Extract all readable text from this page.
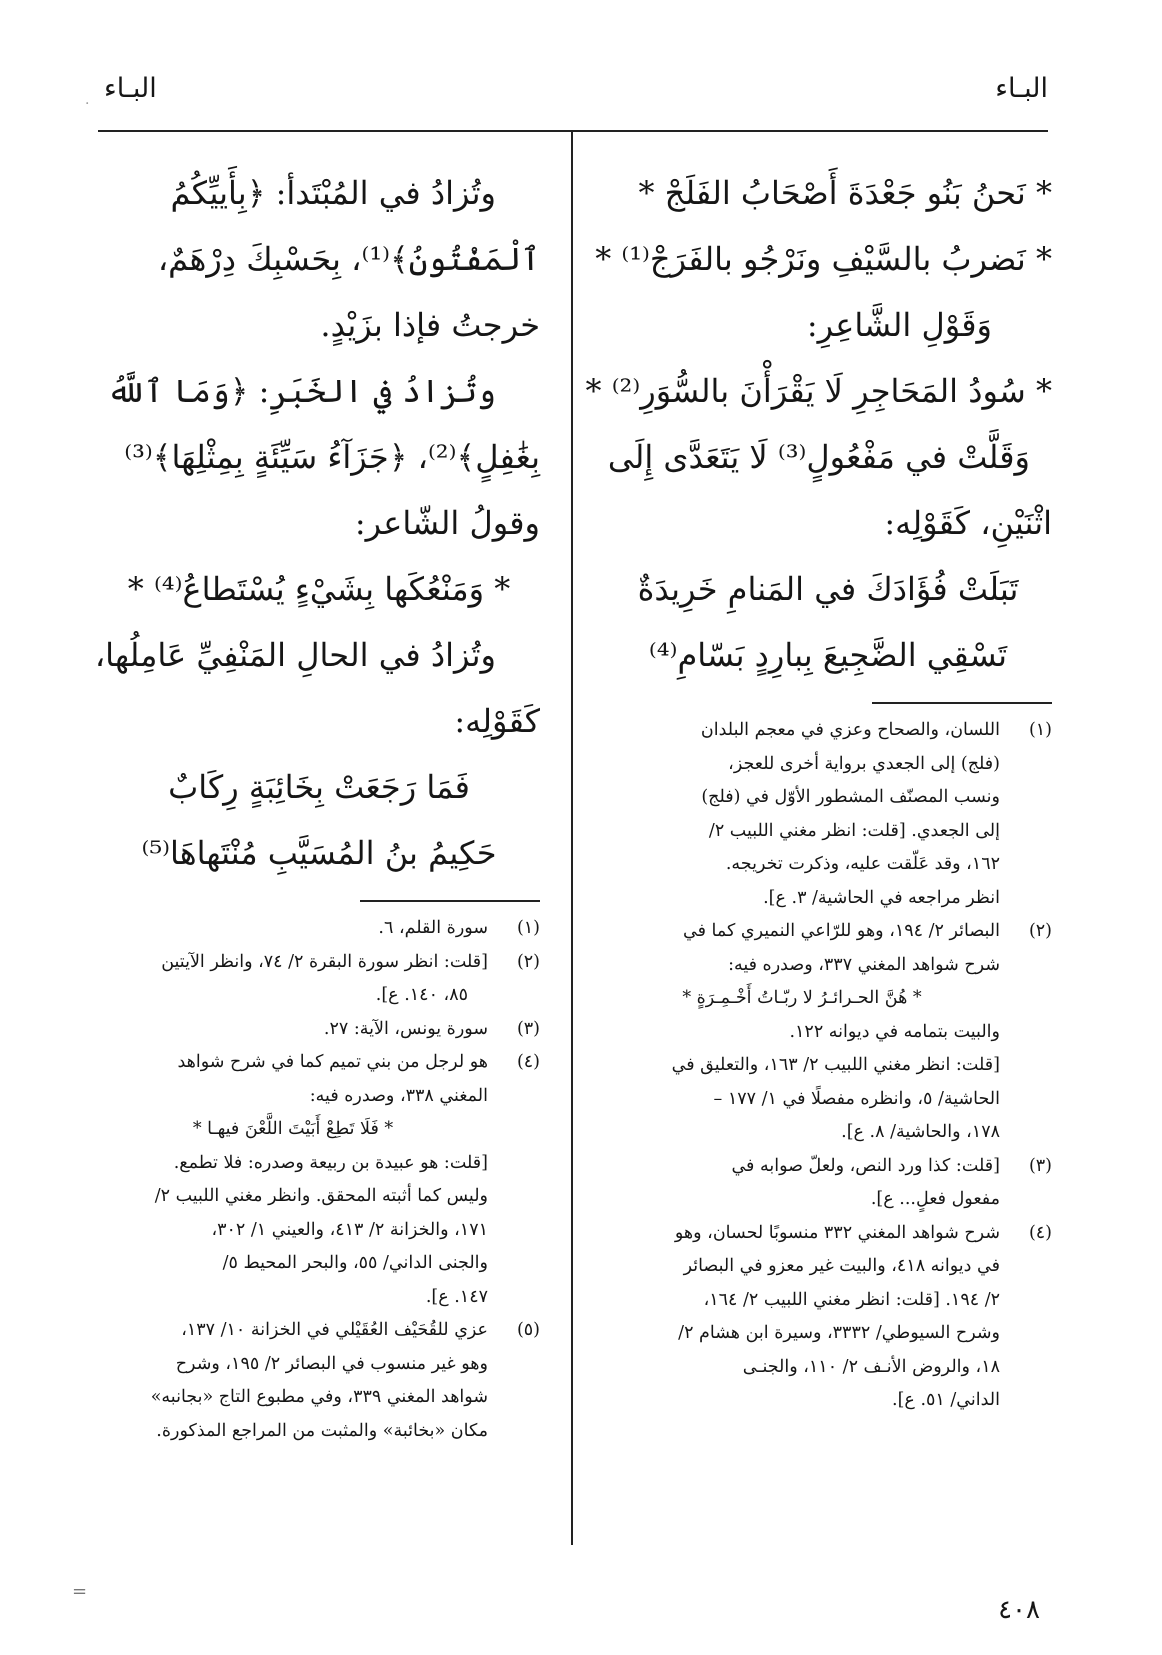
البـاء
البـاء
·

* نَحنُ بَنُو جَعْدَةَ أَصْحَابُ الفَلَجْ *

* نَضربُ بالسَّيْفِ ونَرْجُو بالفَرَجْ⁽¹⁾ *

وَقَوْلِ الشَّاعِرِ:

* سُودُ المَحَاجِرِ لَا يَقْرَأْنَ بالسُّوَرِ⁽²⁾ *

وَقَلَّتْ في مَفْعُولٍ⁽³⁾ لَا يَتَعَدَّى إِلَى

اثْنَيْنِ، كَقَوْلِه:

تَبَلَتْ فُؤَادَكَ في المَنامِ خَرِيدَةٌ

تَسْقِي الضَّجِيعَ بِبارِدٍ بَسّامِ⁽⁴⁾

(١)
اللسان، والصحاح وعزي في معجم البلدان
(فلج) إلى الجعدي برواية أخرى للعجز،
ونسب المصنّف المشطور الأوّل في (فلج)
إلى الجعدي. [قلت: انظر مغني اللبيب ٢/
١٦٢، وقد عَلّقت عليه، وذكرت تخريجه.
انظر مراجعه في الحاشية/ ٣. ع].
(٢)
البصائر ٢/ ١٩٤، وهو للرّاعي النميري كما في
شرح شواهد المغني ٣٣٧، وصدره فيه:
* هُنَّ الحـرائـرُ لا ربّـاتُ أَخْـمِـرَةٍ *
والبيت بتمامه في ديوانه ١٢٢.
[قلت: انظر مغني اللبيب ٢/ ١٦٣، والتعليق في
الحاشية/ ٥، وانظره مفصلًا في ١/ ١٧٧ –
١٧٨، والحاشية/ ٨. ع].
(٣)
[قلت: كذا ورد النص، ولعلّ صوابه في
مفعول فعلٍ... ع].
(٤)
شرح شواهد المغني ٣٣٢ منسوبًا لحسان، وهو
في ديوانه ٤١٨، والبيت غير معزو في البصائر
٢/ ١٩٤. [قلت: انظر مغني اللبيب ٢/ ١٦٤،
وشرح السيوطي/ ٣٣٣٢، وسيرة ابن هشام ٢/
١٨، والروض الأنـف ٢/ ١١٠، والجنـى
الداني/ ٥١. ع].

وتُزادُ في المُبْتَدأ: ﴿بِأَييِّكُمُ

ٱلْمَفْتُونُ﴾⁽¹⁾، بِحَسْبِكَ دِرْهَمٌ،

خرجتُ فإذا بزَيْدٍ.

وتُزادُ في الخَبَرِ: ﴿وَمَا ٱللَّهُ

بِغَٰفِلٍ﴾⁽²⁾، ﴿جَزَآءُ سَيِّئَةٍ بِمِثْلِهَا﴾⁽³⁾

وقولُ الشّاعر:

* وَمَنْعُكَها بِشَيْءٍ يُسْتَطاعُ⁽⁴⁾ *

وتُزادُ في الحالِ المَنْفِيِّ عَامِلُها،

كَقَوْلِه:

فَمَا رَجَعَتْ بِخَائِبَةٍ رِكَابٌ

حَكِيمُ بنُ المُسَيَّبِ مُنْتَهاهَا⁽⁵⁾

(١)
سورة القلم، ٦.
(٢)
[قلت: انظر سورة البقرة ٢/ ٧٤، وانظر الآيتين
٨٥، ١٤٠. ع].
(٣)
سورة يونس، الآية: ٢٧.
(٤)
هو لرجل من بني تميم كما في شرح شواهد
المغني ٣٣٨، وصدره فيه:
* فَلَا تَطِعْ أَبَيْتَ اللَّعْنَ فيهـا *
[قلت: هو عبيدة بن ربيعة وصدره: فلا تطمع.
وليس كما أثبته المحقق. وانظر مغني اللبيب ٢/
١٧١، والخزانة ٢/ ٤١٣، والعيني ١/ ٣٠٢،
والجنى الداني/ ٥٥، والبحر المحيط ٥/
١٤٧. ع].
(٥)
عزي للقُحَيْف العُقَيْلي في الخزانة ١٠/ ١٣٧،
وهو غير منسوب في البصائر ٢/ ١٩٥، وشرح
شواهد المغني ٣٣٩، وفي مطبوع التاج «بجانبه»
مكان «بخائبة» والمثبت من المراجع المذكورة.
=
٤٠٨
